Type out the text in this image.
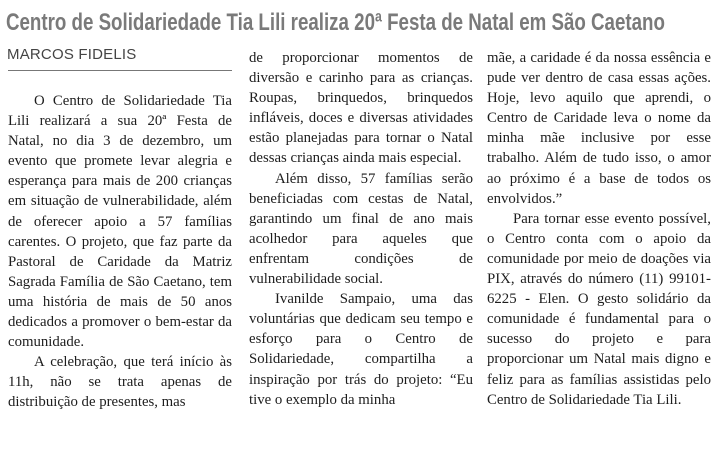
Centro de Solidariedade Tia Lili realiza 20ª Festa de Natal em São Caetano
MARCOS FIDELIS

O Centro de Solidariedade Tia Lili realizará a sua 20ª Festa de Natal, no dia 3 de dezembro, um evento que promete levar alegria e esperança para mais de 200 crianças em situação de vulnerabilidade, além de oferecer apoio a 57 famílias carentes. O projeto, que faz parte da Pastoral de Caridade da Matriz Sagrada Família de São Caetano, tem uma história de mais de 50 anos dedicados a promover o bem-estar da comunidade.

A celebração, que terá início às 11h, não se trata apenas de distribuição de presentes, mas

de proporcionar momentos de diversão e carinho para as crianças. Roupas, brinquedos, brinquedos infláveis, doces e diversas atividades estão planejadas para tornar o Natal dessas crianças ainda mais especial.

Além disso, 57 famílias serão beneficiadas com cestas de Natal, garantindo um final de ano mais acolhedor para aqueles que enfrentam condições de vulnerabilidade social.

Ivanilde Sampaio, uma das voluntárias que dedicam seu tempo e esforço para o Centro de Solidariedade, compartilha a inspiração por trás do projeto: “Eu tive o exemplo da minha

mãe, a caridade é da nossa essência e pude ver dentro de casa essas ações. Hoje, levo aquilo que aprendi, o Centro de Caridade leva o nome da minha mãe inclusive por esse trabalho. Além de tudo isso, o amor ao próximo é a base de todos os envolvidos.”

Para tornar esse evento possível, o Centro conta com o apoio da comunidade por meio de doações via PIX, através do número (11) 99101-6225 - Elen. O gesto solidário da comunidade é fundamental para o sucesso do projeto e para proporcionar um Natal mais digno e feliz para as famílias assistidas pelo Centro de Solidariedade Tia Lili.
